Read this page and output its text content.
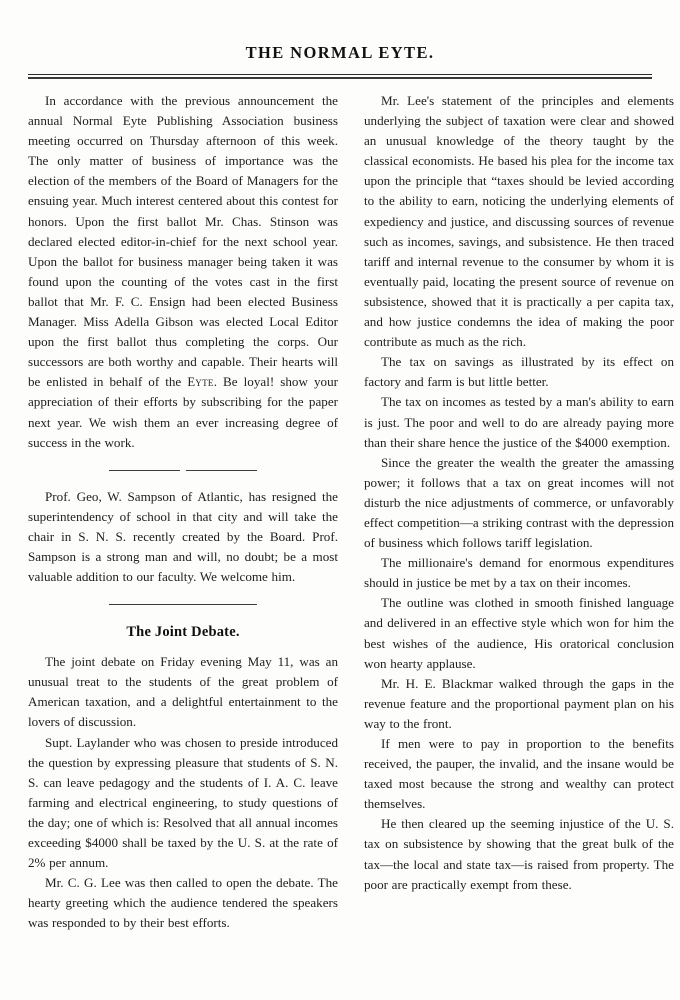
THE NORMAL EYTE.

In accordance with the previous announcement the annual Normal Eyte Publishing Association business meeting occurred on Thursday afternoon of this week. The only matter of business of importance was the election of the members of the Board of Managers for the ensuing year. Much interest centered about this contest for honors. Upon the first ballot Mr. Chas. Stinson was declared elected editor-in-chief for the next school year. Upon the ballot for business manager being taken it was found upon the counting of the votes cast in the first ballot that Mr. F. C. Ensign had been elected Business Manager. Miss Adella Gibson was elected Local Editor upon the first ballot thus completing the corps. Our successors are both worthy and capable. Their hearts will be enlisted in behalf of the Eyte. Be loyal! show your appreciation of their efforts by subscribing for the paper next year. We wish them an ever increasing degree of success in the work.

Prof. Geo, W. Sampson of Atlantic, has resigned the superintendency of school in that city and will take the chair in S. N. S. recently created by the Board. Prof. Sampson is a strong man and will, no doubt; be a most valuable addition to our faculty. We welcome him.

The Joint Debate.

The joint debate on Friday evening May 11, was an unusual treat to the students of the great problem of American taxation, and a delightful entertainment to the lovers of discussion.

Supt. Laylander who was chosen to preside introduced the question by expressing pleasure that students of S. N. S. can leave pedagogy and the students of I. A. C. leave farming and electrical engineering, to study questions of the day; one of which is: Resolved that all annual incomes exceeding $4000 shall be taxed by the U. S. at the rate of 2% per annum.

Mr. C. G. Lee was then called to open the debate. The hearty greeting which the audience tendered the speakers was responded to by their best efforts.

Mr. Lee's statement of the principles and elements underlying the subject of taxation were clear and showed an unusual knowledge of the theory taught by the classical economists. He based his plea for the income tax upon the principle that “taxes should be levied according to the ability to earn, noticing the underlying elements of expediency and justice, and discussing sources of revenue such as incomes, savings, and subsistence. He then traced tariff and internal revenue to the consumer by whom it is eventually paid, locating the present source of revenue on subsistence, showed that it is practically a per capita tax, and how justice condemns the idea of making the poor contribute as much as the rich.

The tax on savings as illustrated by its effect on factory and farm is but little better.

The tax on incomes as tested by a man's ability to earn is just. The poor and well to do are already paying more than their share hence the justice of the $4000 exemption.

Since the greater the wealth the greater the amassing power; it follows that a tax on great incomes will not disturb the nice adjustments of commerce, or unfavorably effect competition—a striking contrast with the depression of business which follows tariff legislation.

The millionaire's demand for enormous expenditures should in justice be met by a tax on their incomes.

The outline was clothed in smooth finished language and delivered in an effective style which won for him the best wishes of the audience, His oratorical conclusion won hearty applause.

Mr. H. E. Blackmar walked through the gaps in the revenue feature and the proportional payment plan on his way to the front.

If men were to pay in proportion to the benefits received, the pauper, the invalid, and the insane would be taxed most because the strong and wealthy can protect themselves.

He then cleared up the seeming injustice of the U. S. tax on subsistence by showing that the great bulk of the tax—the local and state tax—is raised from property. The poor are practically exempt from these.
